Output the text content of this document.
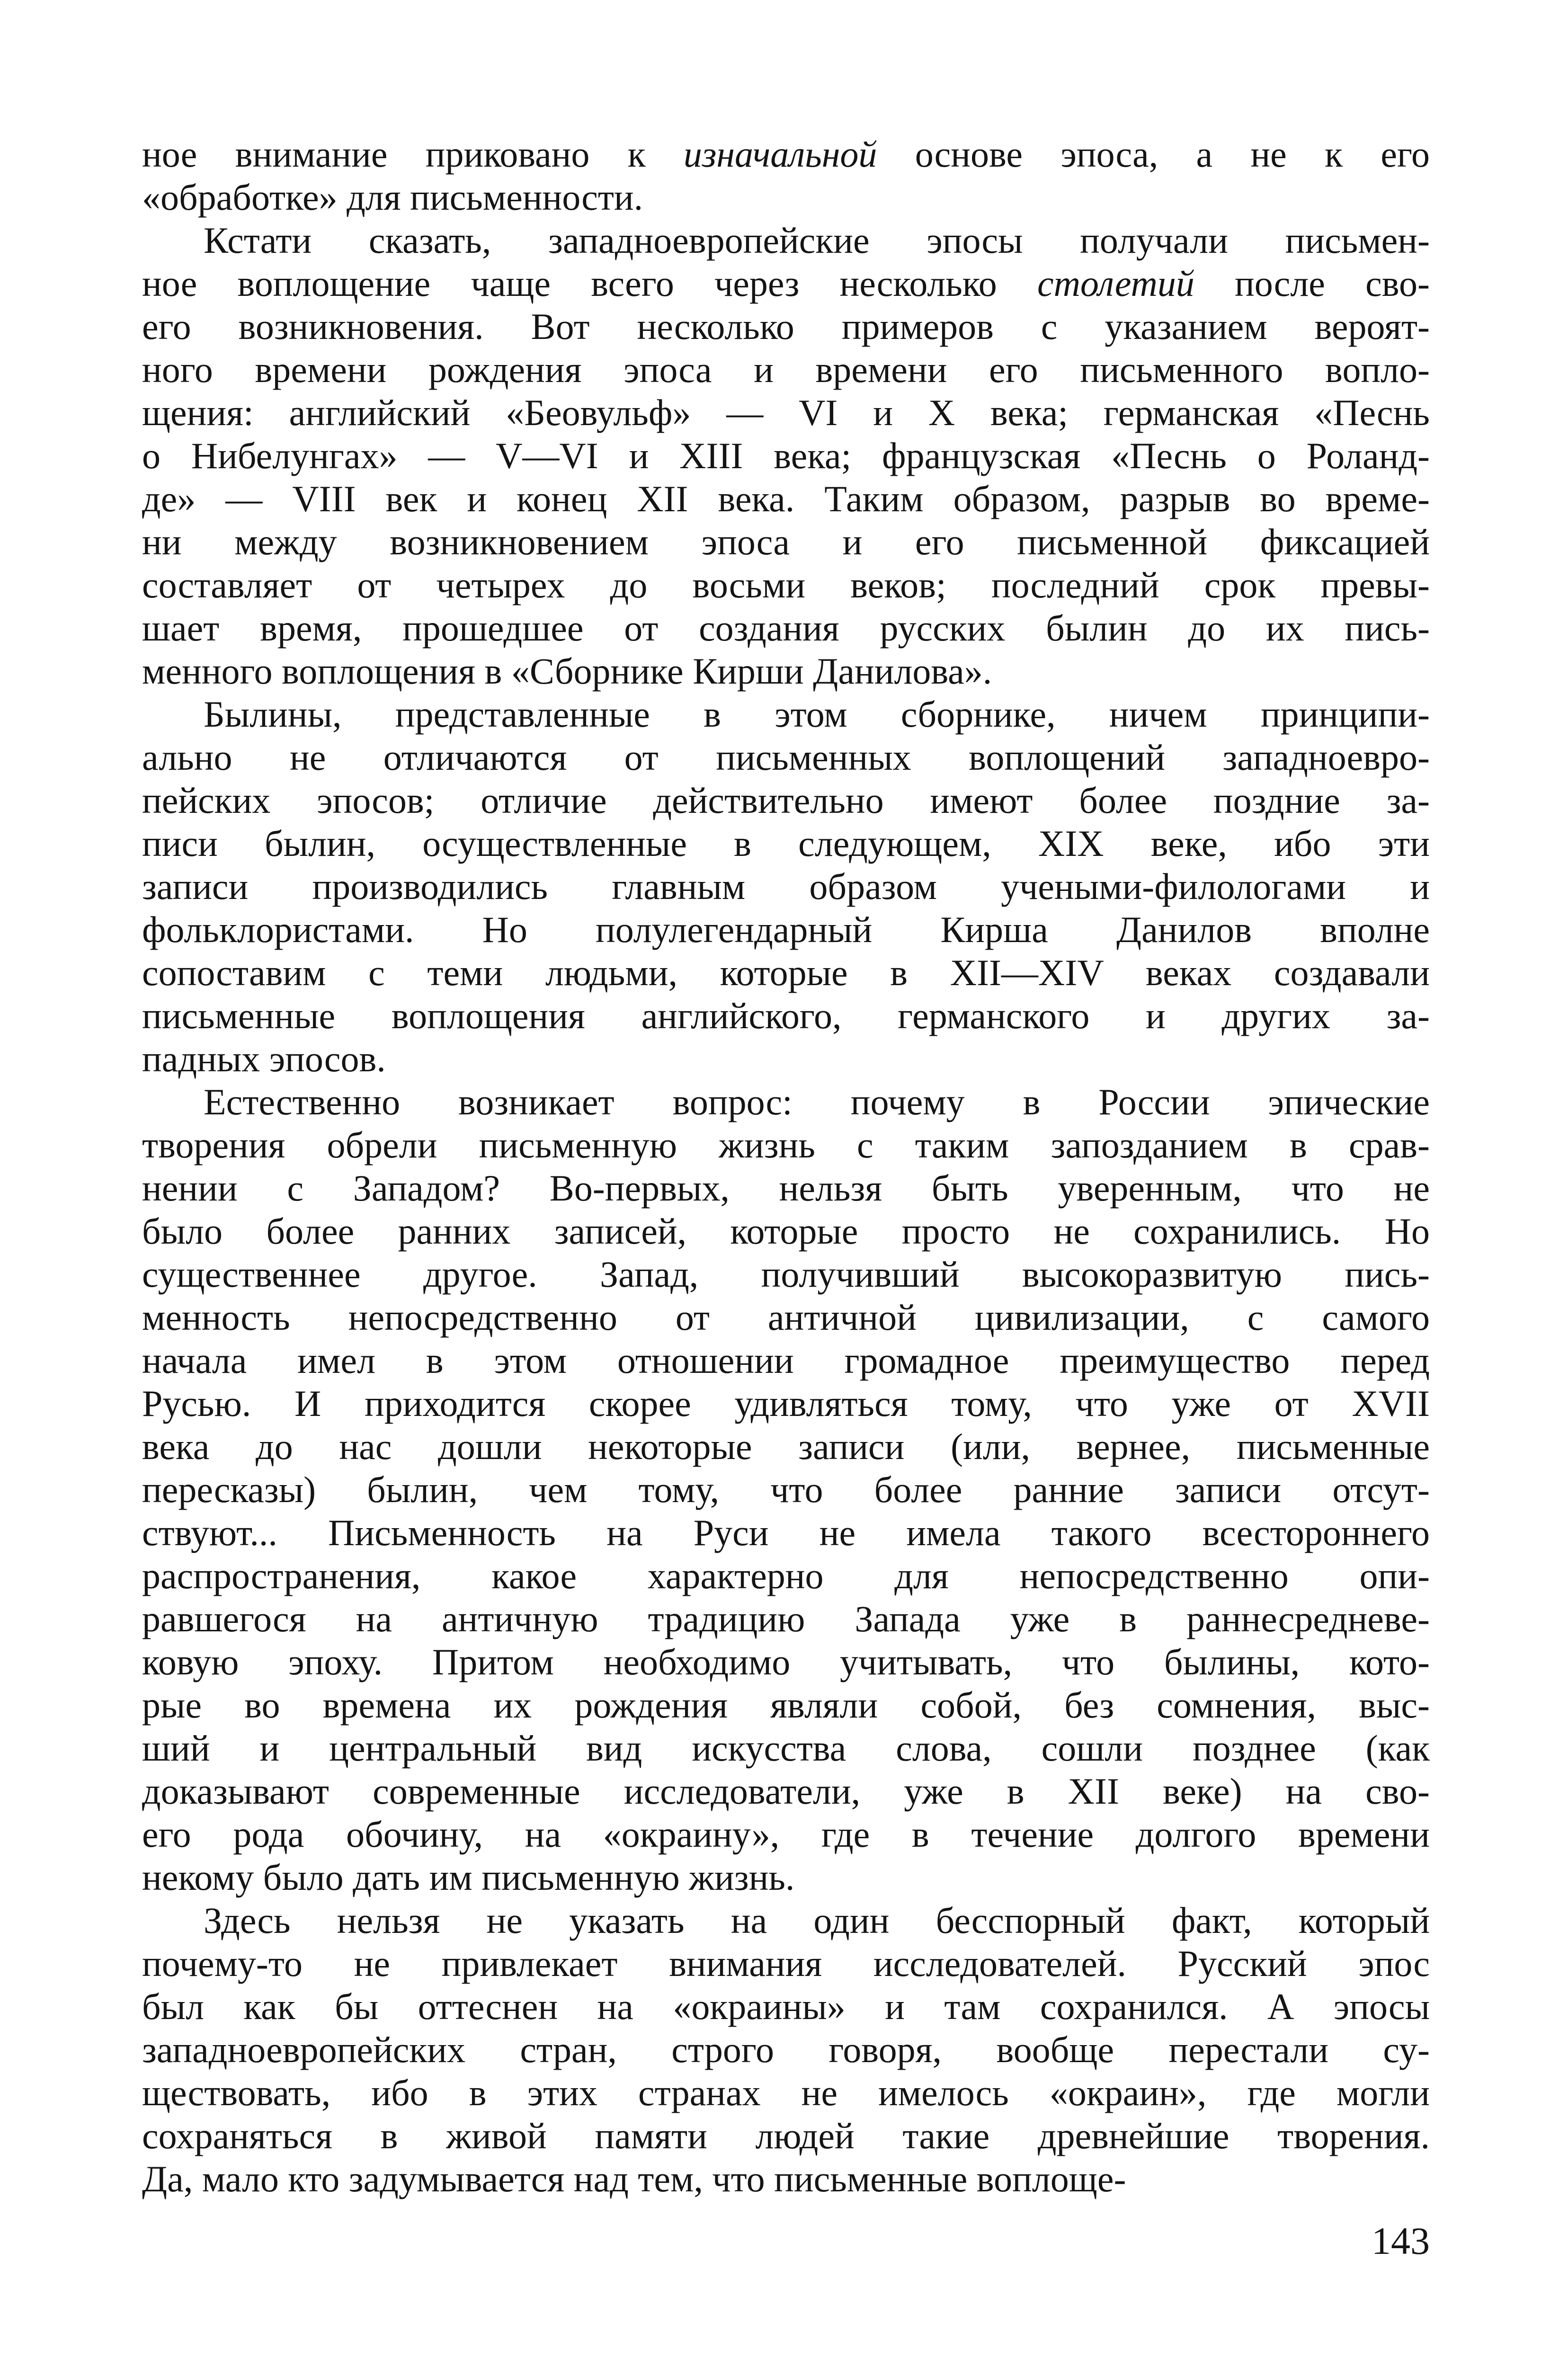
ное внимание приковано к изначальной основе эпоса, а не к его
«обработке» для письменности.
Кстати сказать, западноевропейские эпосы получали письмен-
ное воплощение чаще всего через несколько столетий после сво-
его возникновения. Вот несколько примеров с указанием вероят-
ного времени рождения эпоса и времени его письменного вопло-
щения: английский «Беовульф» — VI и X века; германская «Песнь
о Нибелунгах» — V—VI и XIII века; французская «Песнь о Роланд-
де» — VIII век и конец XII века. Таким образом, разрыв во време-
ни между возникновением эпоса и его письменной фиксацией
составляет от четырех до восьми веков; последний срок превы-
шает время, прошедшее от создания русских былин до их пись-
менного воплощения в «Сборнике Кирши Данилова».
Былины, представленные в этом сборнике, ничем принципи-
ально не отличаются от письменных воплощений западноевро-
пейских эпосов; отличие действительно имеют более поздние за-
писи былин, осуществленные в следующем, XIX веке, ибо эти
записи производились главным образом учеными-филологами и
фольклористами. Но полулегендарный Кирша Данилов вполне
сопоставим с теми людьми, которые в XII—XIV веках создавали
письменные воплощения английского, германского и других за-
падных эпосов.
Естественно возникает вопрос: почему в России эпические
творения обрели письменную жизнь с таким запозданием в срав-
нении с Западом? Во-первых, нельзя быть уверенным, что не
было более ранних записей, которые просто не сохранились. Но
существеннее другое. Запад, получивший высокоразвитую пись-
менность непосредственно от античной цивилизации, с самого
начала имел в этом отношении громадное преимущество перед
Русью. И приходится скорее удивляться тому, что уже от XVII
века до нас дошли некоторые записи (или, вернее, письменные
пересказы) былин, чем тому, что более ранние записи отсут-
ствуют... Письменность на Руси не имела такого всестороннего
распространения, какое характерно для непосредственно опи-
равшегося на античную традицию Запада уже в раннесредневе-
ковую эпоху. Притом необходимо учитывать, что былины, кото-
рые во времена их рождения являли собой, без сомнения, выс-
ший и центральный вид искусства слова, сошли позднее (как
доказывают современные исследователи, уже в XII веке) на сво-
его рода обочину, на «окраину», где в течение долгого времени
некому было дать им письменную жизнь.
Здесь нельзя не указать на один бесспорный факт, который
почему-то не привлекает внимания исследователей. Русский эпос
был как бы оттеснен на «окраины» и там сохранился. А эпосы
западноевропейских стран, строго говоря, вообще перестали су-
ществовать, ибо в этих странах не имелось «окраин», где могли
сохраняться в живой памяти людей такие древнейшие творения.
Да, мало кто задумывается над тем, что письменные воплоще-
143
